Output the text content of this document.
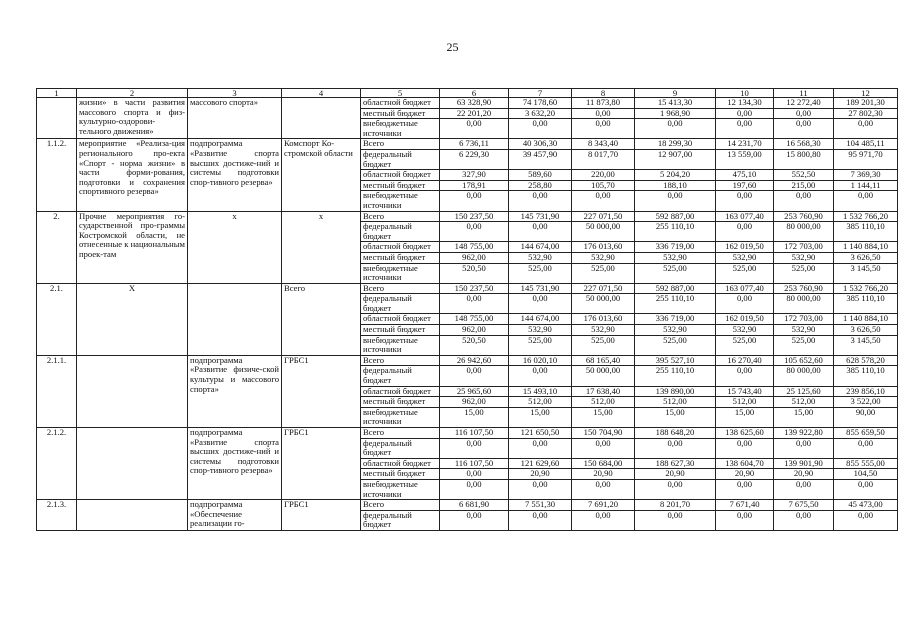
25
1	2	3	4	5	6	7	8	9	10	11	12
	жизни» в части развития массового спорта и физ-культурно-оздорови-тельного движения»	массового спорта»		областной бюджет	63 328,90	74 178,60	11 873,80	15 413,30	12 134,30	12 272,40	189 201,30
				местный бюджет	22 201,20	3 632,20	0,00	1 968,90	0,00	0,00	27 802,30
				внебюджетные источники	0,00	0,00	0,00	0,00	0,00	0,00	0,00
1.1.2.	мероприятие «Реализа-ция регионального про-екта «Спорт - норма жизни» в части форми-рования, подготовки и сохранения спортивного резерва»	подпрограмма «Развитие спорта высших достиже-ний и системы подготовки спор-тивного резерва»	Комспорт Ко-стромской области	Всего	6 736,11	40 306,30	8 343,40	18 299,30	14 231,70	16 568,30	104 485,11
				федеральный бюджет	6 229,30	39 457,90	8 017,70	12 907,00	13 559,00	15 800,80	95 971,70
				областной бюджет	327,90	589,60	220,00	5 204,20	475,10	552,50	7 369,30
				местный бюджет	178,91	258,80	105,70	188,10	197,60	215,00	1 144,11
				внебюджетные источники	0,00	0,00	0,00	0,00	0,00	0,00	0,00
2.	Прочие мероприятия го-сударственной про-граммы Костромской области, не отнесенные к национальным проек-там	х	х	Всего	150 237,50	145 731,90	227 071,50	592 887,00	163 077,40	253 760,90	1 532 766,20
				федеральный бюджет	0,00	0,00	50 000,00	255 110,10	0,00	80 000,00	385 110,10
				областной бюджет	148 755,00	144 674,00	176 013,60	336 719,00	162 019,50	172 703,00	1 140 884,10
				местный бюджет	962,00	532,90	532,90	532,90	532,90	532,90	3 626,50
				внебюджетные источники	520,50	525,00	525,00	525,00	525,00	525,00	3 145,50
2.1.	Х		Всего	Всего	150 237,50	145 731,90	227 071,50	592 887,00	163 077,40	253 760,90	1 532 766,20
				федеральный бюджет	0,00	0,00	50 000,00	255 110,10	0,00	80 000,00	385 110,10
				областной бюджет	148 755,00	144 674,00	176 013,60	336 719,00	162 019,50	172 703,00	1 140 884,10
				местный бюджет	962,00	532,90	532,90	532,90	532,90	532,90	3 626,50
				внебюджетные источники	520,50	525,00	525,00	525,00	525,00	525,00	3 145,50
2.1.1.		подпрограмма «Развитие физиче-ской культуры и массового спорта»	ГРБС1	Всего	26 942,60	16 020,10	68 165,40	395 527,10	16 270,40	105 652,60	628 578,20
				федеральный бюджет	0,00	0,00	50 000,00	255 110,10	0,00	80 000,00	385 110,10
				областной бюджет	25 965,60	15 493,10	17 638,40	139 890,00	15 743,40	25 125,60	239 856,10
				местный бюджет	962,00	512,00	512,00	512,00	512,00	512,00	3 522,00
				внебюджетные источники	15,00	15,00	15,00	15,00	15,00	15,00	90,00
2.1.2.		подпрограмма «Развитие спорта высших достиже-ний и системы подготовки спор-тивного резерва»	ГРБС1	Всего	116 107,50	121 650,50	150 704,90	188 648,20	138 625,60	139 922,80	855 659,50
				федеральный бюджет	0,00	0,00	0,00	0,00	0,00	0,00	0,00
				областной бюджет	116 107,50	121 629,60	150 684,00	188 627,30	138 604,70	139 901,90	855 555,00
				местный бюджет	0,00	20,90	20,90	20,90	20,90	20,90	104,50
				внебюджетные источники	0,00	0,00	0,00	0,00	0,00	0,00	0,00
2.1.3.		подпрограмма «Обеспечение реализации го-	ГРБС1	Всего	6 681,90	7 551,30	7 691,20	8 201,70	7 671,40	7 675,50	45 473,00
				федеральный бюджет	0,00	0,00	0,00	0,00	0,00	0,00	0,00
